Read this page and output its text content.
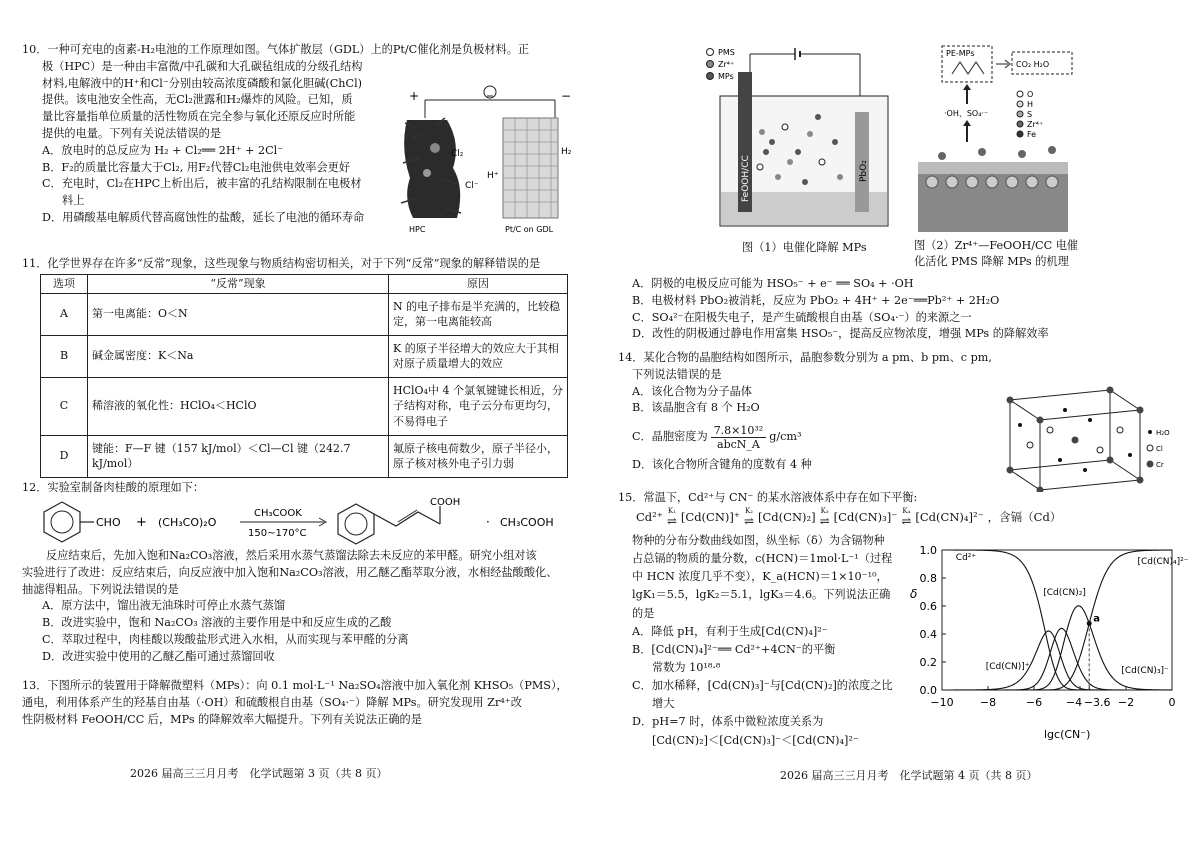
10．一种可充电的卤素-H₂电池的工作原理如图。气体扩散层（GDL）上的Pt/C催化剂是负极材料。正
极（HPC）是一种由丰富微/中孔碳和大孔碳毡组成的分级孔结构
材料,电解液中的H⁺和Cl⁻分别由较高浓度磷酸和氯化胆碱(ChCl)
提供。该电池安全性高，无Cl₂泄露和H₂爆炸的风险。已知，质
量比容量指单位质量的活性物质在完全参与氧化还原反应时所能
提供的电量。下列有关说法错误的是
A．放电时的总反应为 H₂ + Cl₂══ 2H⁺ + 2Cl⁻
B．F₂的质量比容量大于Cl₂, 用F₂代替Cl₂电池供电效率会更好
C．充电时，Cl₂在HPC上析出后，被丰富的孔结构限制在电极材
料上
D．用磷酸基电解质代替高腐蚀性的盐酸，延长了电池的循环寿命
+	−
Cl₂
Cl⁻
H⁺
H₂
HPC	Pt/C on GDL
11．化学世界存在许多“反常”现象，这些现象与物质结构密切相关，对于下列“反常”现象的解释错误的是
选项	“反常”现象	原因
A	第一电离能：O＜N	N 的电子排布是半充满的，比较稳定，第一电离能较高
B	碱金属密度：K＜Na	K 的原子半径增大的效应大于其相对原子质量增大的效应
C	稀溶液的氧化性：HClO₄＜HClO	HClO₄中 4 个氯氧键键长相近，分子结构对称，电子云分布更均匀，不易得电子
D	键能：F—F 键（157 kJ/mol）＜Cl—Cl 键（242.7 kJ/mol）	氟原子核电荷数少，原子半径小，原子核对核外电子引力弱
12．实验室制备肉桂酸的原理如下：
CHO + (CH₃CO)₂O
CH₃COOK
150~170°C
COOH
· CH₃COOH
反应结束后，先加入饱和Na₂CO₃溶液，然后采用水蒸气蒸馏法除去未反应的苯甲醛。研究小组对该
实验进行了改进：反应结束后，向反应液中加入饱和Na₂CO₃溶液，用乙醚乙酯萃取分液，水相经盐酸酸化、
抽滤得粗品。下列说法错误的是
A．原方法中，馏出液无油珠时可停止水蒸气蒸馏
B．改进实验中，饱和 Na₂CO₃ 溶液的主要作用是中和反应生成的乙酸
C．萃取过程中，肉桂酸以羧酸盐形式进入水相，从而实现与苯甲醛的分离
D．改进实验中使用的乙醚乙酯可通过蒸馏回收
13．下图所示的装置用于降解微塑料（MPs）：向 0.1 mol·L⁻¹ Na₂SO₄溶液中加入氧化剂 KHSO₅（PMS），
通电，利用体系产生的羟基自由基（·OH）和硫酸根自由基（SO₄·⁻）降解 MPs。研究发现用 Zr⁴⁺改
性阴极材料 FeOOH/CC 后，MPs 的降解效率大幅提升。下列有关说法正确的是
2026 届高三三月月考　化学试题第 3 页（共 8 页）
PMS
Zr⁴⁺
MPs
FeOOH/CC	PbO₂
图（1）电催化降解 MPs
PE-MPs
CO₂ H₂O
·OH、SO₄·⁻
O
H
S
Zr⁴⁺
Fe
图（2）Zr⁴⁺—FeOOH/CC 电催
化活化 PMS 降解 MPs 的机理
A．阴极的电极反应可能为 HSO₅⁻ + e⁻ ══ SO₄ + ·OH
B．电极材料 PbO₂被消耗，反应为 PbO₂ + 4H⁺ + 2e⁻══Pb²⁺ + 2H₂O
C．SO₄²⁻在阳极失电子，是产生硫酸根自由基（SO₄·⁻）的来源之一
D．改性的阴极通过静电作用富集 HSO₅⁻，提高反应物浓度，增强 MPs 的降解效率
14．某化合物的晶胞结构如图所示，晶胞参数分别为 a pm、b pm、c pm,
下列说法错误的是
A．该化合物为分子晶体
B．该晶胞含有 8 个 H₂O
C．晶胞密度为 7.8×10³²
abcN_A
g/cm³
D．该化合物所含键角的度数有 4 种
H₂O
Cl
Cr
15．常温下，Cd²⁺与 CN⁻ 的某水溶液体系中存在如下平衡:
Cd²⁺ K₁
⇌ [Cd(CN)]⁺ K₂
⇌ [Cd(CN)₂] K₃
⇌ [Cd(CN)₃]⁻ K₄
⇌ [Cd(CN)₄]²⁻ ，含镉（Cd）
物种的分布分数曲线如图，纵坐标（δ）为含镉物种
占总镉的物质的量分数，c(HCN)＝1mol·L⁻¹（过程
中 HCN 浓度几乎不变），K_a(HCN)＝1×10⁻¹⁰，
lgK₁＝5.5，lgK₂＝5.1，lgK₃＝4.6。下列说法正确
的是
A．降低 pH，有利于生成[Cd(CN)₄]²⁻
B．[Cd(CN)₄]²⁻══ Cd²⁺+4CN⁻的平衡
常数为 10¹⁸·⁸
C．加水稀释，[Cd(CN)₃]⁻与[Cd(CN)₂]的浓度之比
增大
D．pH=7 时，体系中微粒浓度关系为
[Cd(CN)₂]＜[Cd(CN)₃]⁻＜[Cd(CN)₄]²⁻
δ
lgc(CN⁻)
0.0
0.2
0.4
0.6
0.8
1.0
−10 −8	−6 −4 −3.6 −2	0
a
Cd²⁺
[Cd(CN)]⁺
[Cd(CN)₂]
[Cd(CN)₃]⁻
[Cd(CN)₄]²⁻
2026 届高三三月月考　化学试题第 4 页（共 8 页）
